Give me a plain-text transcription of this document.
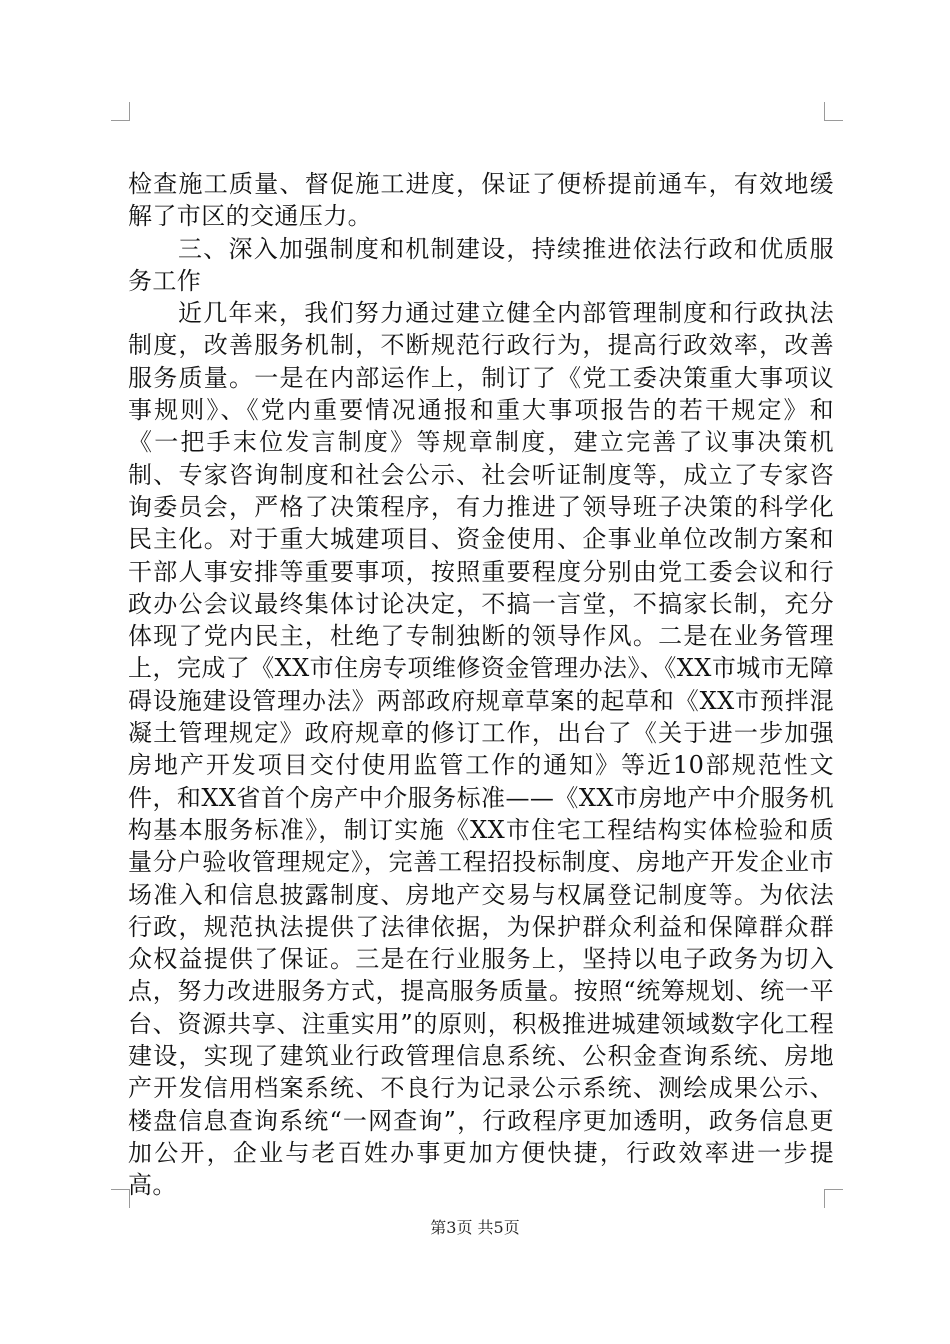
检查施工质量、督促施工进度，保证了便桥提前通车，有效地缓解了市区的交通压力。

三、深入加强制度和机制建设，持续推进依法行政和优质服务工作

近几年来，我们努力通过建立健全内部管理制度和行政执法制度，改善服务机制，不断规范行政行为，提高行政效率，改善服务质量。一是在内部运作上，制订了《党工委决策重大事项议事规则》、《党内重要情况通报和重大事项报告的若干规定》和《一把手末位发言制度》等规章制度，建立完善了议事决策机制、专家咨询制度和社会公示、社会听证制度等，成立了专家咨询委员会，严格了决策程序，有力推进了领导班子决策的科学化民主化。对于重大城建项目、资金使用、企事业单位改制方案和干部人事安排等重要事项，按照重要程度分别由党工委会议和行政办公会议最终集体讨论决定，不搞一言堂，不搞家长制，充分体现了党内民主，杜绝了专制独断的领导作风。二是在业务管理上，完成了《XX市住房专项维修资金管理办法》、《XX市城市无障碍设施建设管理办法》两部政府规章草案的起草和《XX市预拌混凝土管理规定》政府规章的修订工作，出台了《关于进一步加强房地产开发项目交付使用监管工作的通知》等近10部规范性文件，和XX省首个房产中介服务标准——《XX市房地产中介服务机构基本服务标准》，制订实施《XX市住宅工程结构实体检验和质量分户验收管理规定》，完善工程招投标制度、房地产开发企业市场准入和信息披露制度、房地产交易与权属登记制度等。为依法行政，规范执法提供了法律依据，为保护群众利益和保障群众群众权益提供了保证。三是在行业服务上，坚持以电子政务为切入点，努力改进服务方式，提高服务质量。按照“统筹规划、统一平台、资源共享、注重实用”的原则，积极推进城建领域数字化工程建设，实现了建筑业行政管理信息系统、公积金查询系统、房地产开发信用档案系统、不良行为记录公示系统、测绘成果公示、楼盘信息查询系统“一网查询”，行政程序更加透明，政务信息更加公开，企业与老百姓办事更加方便快捷，行政效率进一步提高。

第3页 共5页
